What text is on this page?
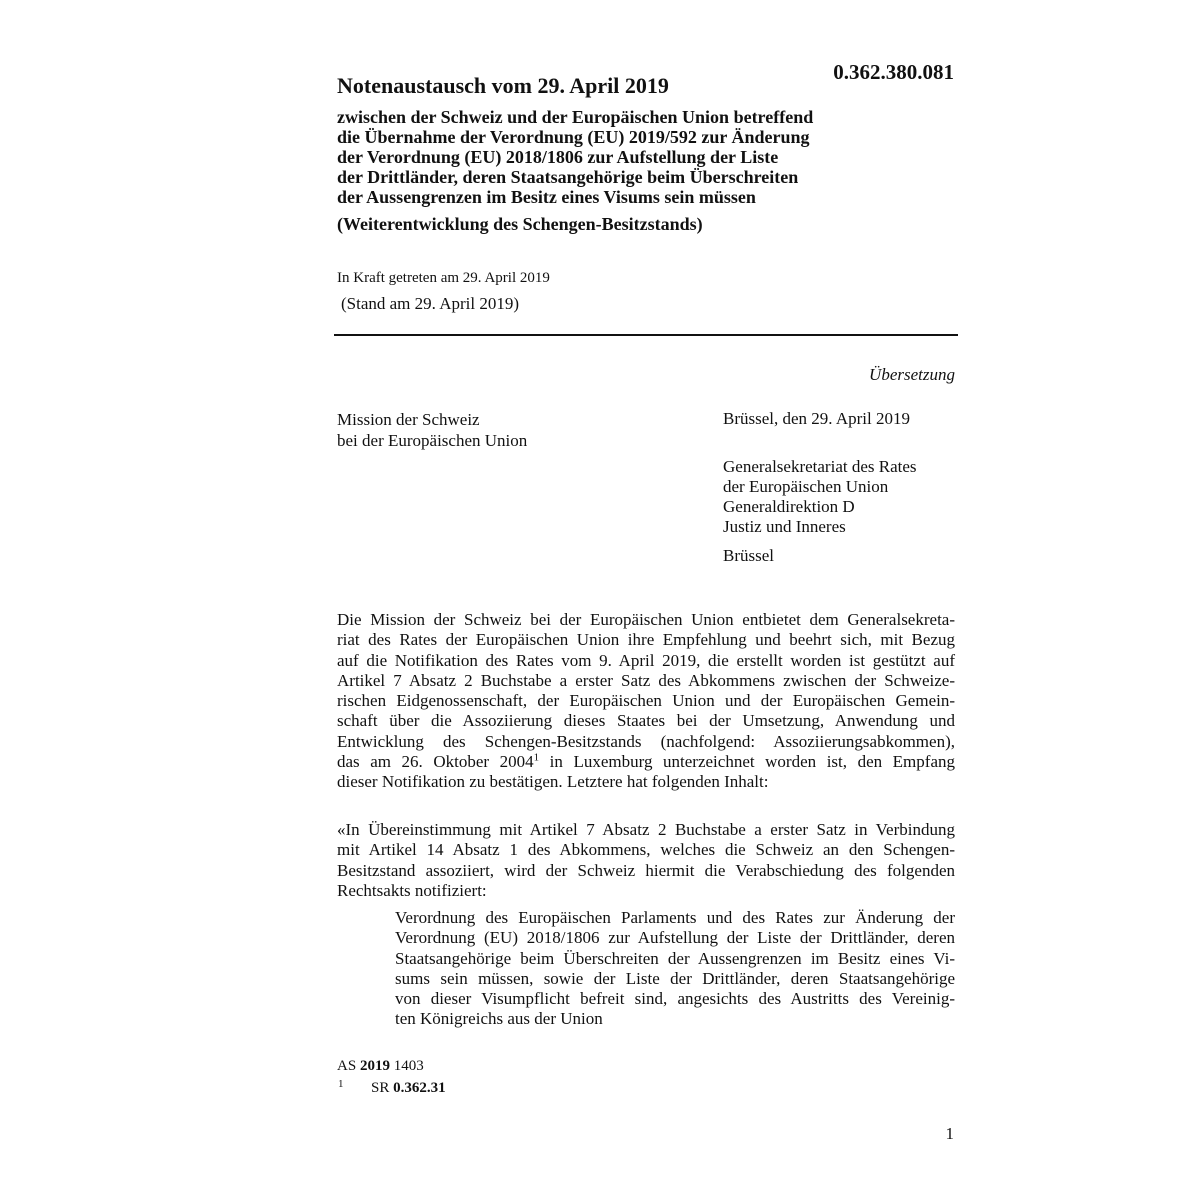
0.362.380.081
Notenaustausch vom 29. April 2019
zwischen der Schweiz und der Europäischen Union betreffend
die Übernahme der Verordnung (EU) 2019/592 zur Änderung
der Verordnung (EU) 2018/1806 zur Aufstellung der Liste
der Drittländer, deren Staatsangehörige beim Überschreiten
der Aussengrenzen im Besitz eines Visums sein müssen
(Weiterentwicklung des Schengen-Besitzstands)
In Kraft getreten am 29. April 2019
(Stand am 29. April 2019)
Übersetzung
Mission der Schweiz
bei der Europäischen Union
Brüssel, den 29. April 2019
Generalsekretariat des Rates
der Europäischen Union
Generaldirektion D
Justiz und Inneres
Brüssel
Die Mission der Schweiz bei der Europäischen Union entbietet dem Generalsekreta-
riat des Rates der Europäischen Union ihre Empfehlung und beehrt sich, mit Bezug
auf die Notifikation des Rates vom 9. April 2019, die erstellt worden ist gestützt auf
Artikel 7 Absatz 2 Buchstabe a erster Satz des Abkommens zwischen der Schweize-
rischen Eidgenossenschaft, der Europäischen Union und der Europäischen Gemein-
schaft über die Assoziierung dieses Staates bei der Umsetzung, Anwendung und
Entwicklung des Schengen-Besitzstands (nachfolgend: Assoziierungsabkommen),
das am 26. Oktober 2004$^1$ in Luxemburg unterzeichnet worden ist, den Empfang
dieser Notifikation zu bestätigen. Letztere hat folgenden Inhalt:
«In Übereinstimmung mit Artikel 7 Absatz 2 Buchstabe a erster Satz in Verbindung
mit Artikel 14 Absatz 1 des Abkommens, welches die Schweiz an den Schengen-
Besitzstand assoziiert, wird der Schweiz hiermit die Verabschiedung des folgenden
Rechtsakts notifiziert:
Verordnung des Europäischen Parlaments und des Rates zur Änderung der
Verordnung (EU) 2018/1806 zur Aufstellung der Liste der Drittländer, deren
Staatsangehörige beim Überschreiten der Aussengrenzen im Besitz eines Vi-
sums sein müssen, sowie der Liste der Drittländer, deren Staatsangehörige
von dieser Visumpflicht befreit sind, angesichts des Austritts des Vereinig-
ten Königreichs aus der Union
AS 2019 1403
1 SR 0.362.31
1
